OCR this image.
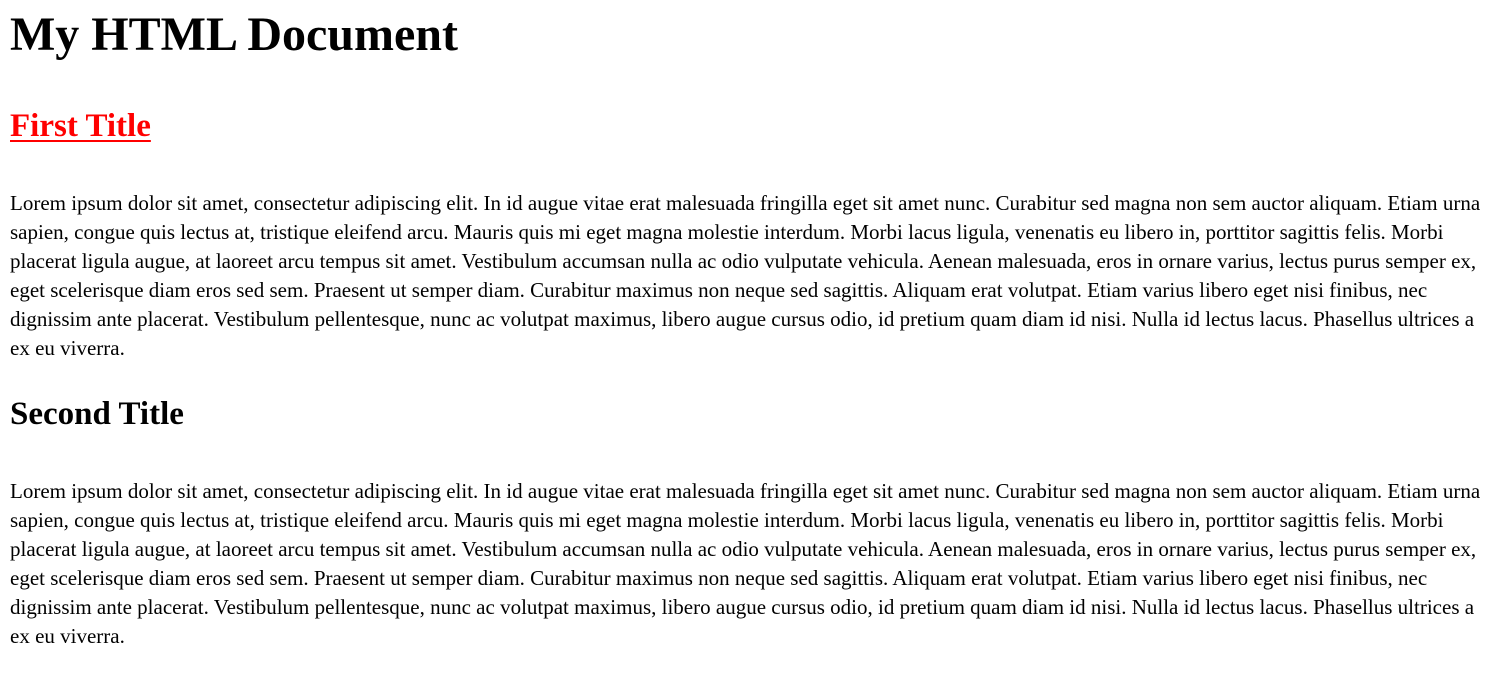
My HTML Document
First Title

Lorem ipsum dolor sit amet, consectetur adipiscing elit. In id augue vitae erat malesuada fringilla eget sit amet nunc. Curabitur sed magna non sem auctor aliquam. Etiam urna sapien, congue quis lectus at, tristique eleifend arcu. Mauris quis mi eget magna molestie interdum. Morbi lacus ligula, venenatis eu libero in, porttitor sagittis felis. Morbi placerat ligula augue, at laoreet arcu tempus sit amet. Vestibulum accumsan nulla ac odio vulputate vehicula. Aenean malesuada, eros in ornare varius, lectus purus semper ex, eget scelerisque diam eros sed sem. Praesent ut semper diam. Curabitur maximus non neque sed sagittis. Aliquam erat volutpat. Etiam varius libero eget nisi finibus, nec dignissim ante placerat. Vestibulum pellentesque, nunc ac volutpat maximus, libero augue cursus odio, id pretium quam diam id nisi. Nulla id lectus lacus. Phasellus ultrices a ex eu viverra.

Second Title

Lorem ipsum dolor sit amet, consectetur adipiscing elit. In id augue vitae erat malesuada fringilla eget sit amet nunc. Curabitur sed magna non sem auctor aliquam. Etiam urna sapien, congue quis lectus at, tristique eleifend arcu. Mauris quis mi eget magna molestie interdum. Morbi lacus ligula, venenatis eu libero in, porttitor sagittis felis. Morbi placerat ligula augue, at laoreet arcu tempus sit amet. Vestibulum accumsan nulla ac odio vulputate vehicula. Aenean malesuada, eros in ornare varius, lectus purus semper ex, eget scelerisque diam eros sed sem. Praesent ut semper diam. Curabitur maximus non neque sed sagittis. Aliquam erat volutpat. Etiam varius libero eget nisi finibus, nec dignissim ante placerat. Vestibulum pellentesque, nunc ac volutpat maximus, libero augue cursus odio, id pretium quam diam id nisi. Nulla id lectus lacus. Phasellus ultrices a ex eu viverra.
